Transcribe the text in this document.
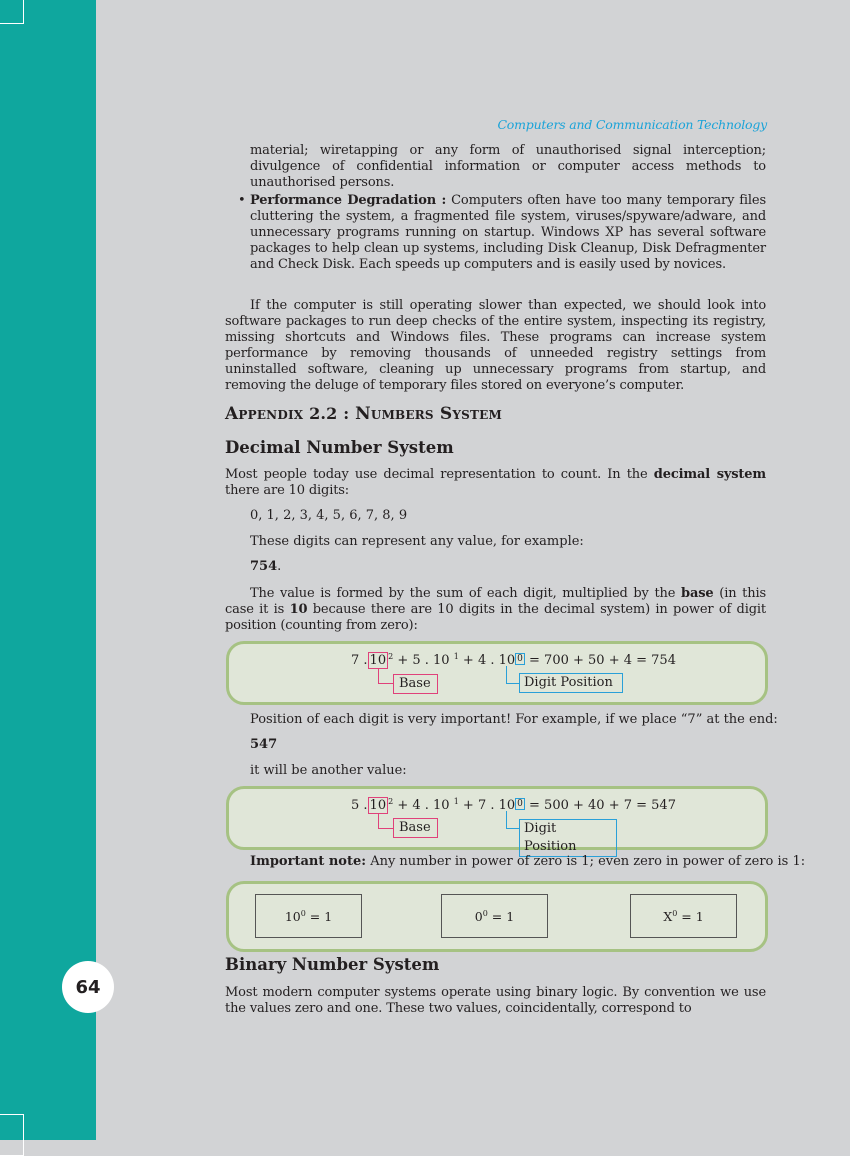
64
Computers and Communication Technology
material; wiretapping or any form of unauthorised signal interception; divulgence of confidential information or computer access methods to unauthorised persons.
• Performance Degradation : Computers often have too many temporary files cluttering the system, a fragmented file system, viruses/spyware/adware, and unnecessary programs running on startup. Windows XP has several software packages to help clean up systems, including Disk Cleanup, Disk Defragmenter and Check Disk. Each speeds up computers and is easily used by novices.
If the computer is still operating slower than expected, we should look into software packages to run deep checks of the entire system, inspecting its registry, missing shortcuts and Windows files. These programs can increase system performance by removing thousands of unneeded registry settings from uninstalled software, cleaning up unnecessary programs from startup, and removing the deluge of temporary files stored on everyone’s computer.
Appendix 2.2 : Numbers System
Decimal Number System
Most people today use decimal representation to count. In the decimal system there are 10 digits:
0, 1, 2, 3, 4, 5, 6, 7, 8, 9
These digits can represent any value, for example:
754.
The value is formed by the sum of each digit, multiplied by the base (in this case it is 10 because there are 10 digits in the decimal system) in power of digit position (counting from zero):
7 . 10 $^2$ + 5 . 10 $^1$ + 4 . 10 $^0$ = 700 + 50 + 4 = 754
Base	Digit Position
Position of each digit is very important! For example, if we place “7” at the end:
547
it will be another value:
5 . 10 $^2$ + 4 . 10 $^1$ + 7 . 10 $^0$ = 500 + 40 + 7 = 547
Base	Digit Position
Important note: Any number in power of zero is 1; even zero in power of zero is 1:
$10^0 = 1$	$0^0 = 1$	$X^0 = 1$
Binary Number System
Most modern computer systems operate using binary logic. By convention we use the values zero and one. These two values, coincidentally, correspond to
